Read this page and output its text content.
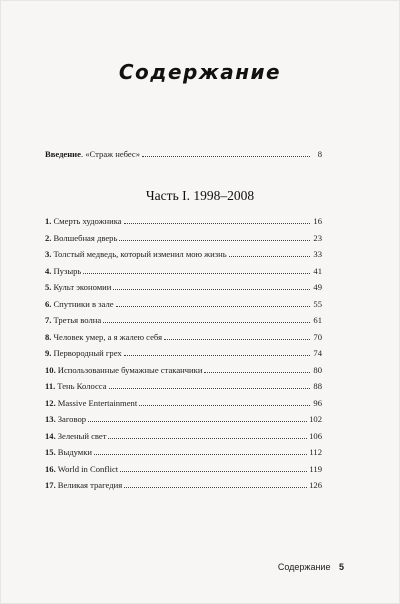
Содержание
Введение . «Страж небес»	8
Часть I. 1998–2008
1. Смерть художника	16
2. Волшебная дверь	23
3. Толстый медведь, который изменил мою жизнь	33
4. Пузырь	41
5. Культ экономии	49
6. Спутники в зале	55
7. Третья волна	61
8. Человек умер, а я жалею себя	70
9. Первородный грех	74
10. Использованные бумажные стаканчики	80
11. Тень Колосса	88
12. Massive Entertainment	96
13. Заговор	102
14. Зеленый свет	106
15. Выдумки	112
16. World in Conflict	119
17. Великая трагедия	126
Содержание 5
